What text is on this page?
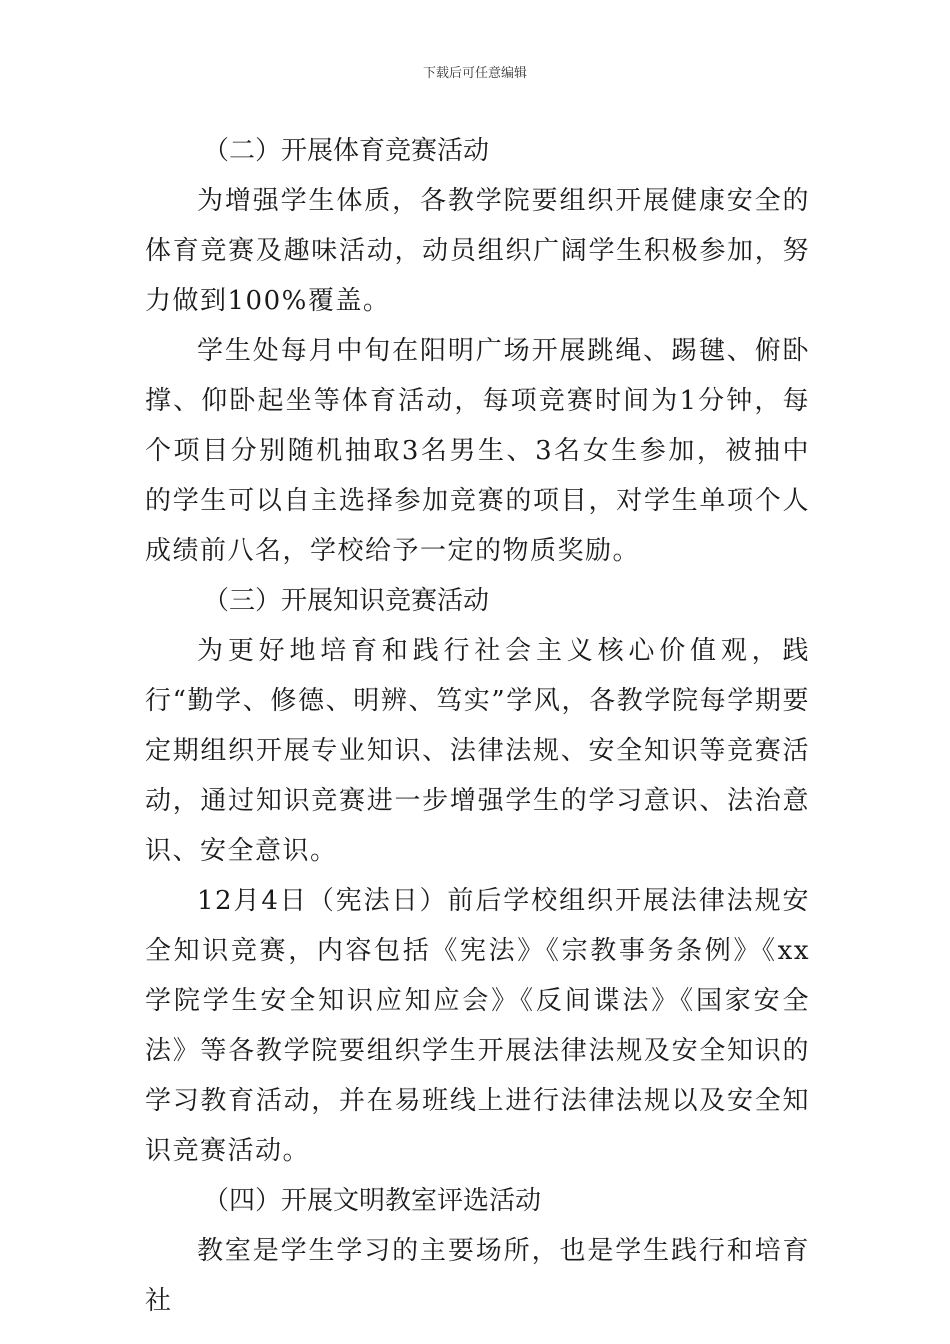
下载后可任意编辑

（二）开展体育竞赛活动

为增强学生体质，各教学院要组织开展健康安全的体育竞赛及趣味活动，动员组织广阔学生积极参加，努力做到100%覆盖。

学生处每月中旬在阳明广场开展跳绳、踢毽、俯卧撑、仰卧起坐等体育活动，每项竞赛时间为1分钟，每个项目分别随机抽取3名男生、3名女生参加，被抽中的学生可以自主选择参加竞赛的项目，对学生单项个人成绩前八名，学校给予一定的物质奖励。

（三）开展知识竞赛活动

为更好地培育和践行社会主义核心价值观，践行“勤学、修德、明辨、笃实”学风，各教学院每学期要定期组织开展专业知识、法律法规、安全知识等竞赛活动，通过知识竞赛进一步增强学生的学习意识、法治意识、安全意识。

12月4日（宪法日）前后学校组织开展法律法规安全知识竞赛，内容包括《宪法》《宗教事务条例》《xx学院学生安全知识应知应会》《反间谍法》《国家安全法》等各教学院要组织学生开展法律法规及安全知识的学习教育活动，并在易班线上进行法律法规以及安全知识竞赛活动。

（四）开展文明教室评选活动

教室是学生学习的主要场所，也是学生践行和培育社
